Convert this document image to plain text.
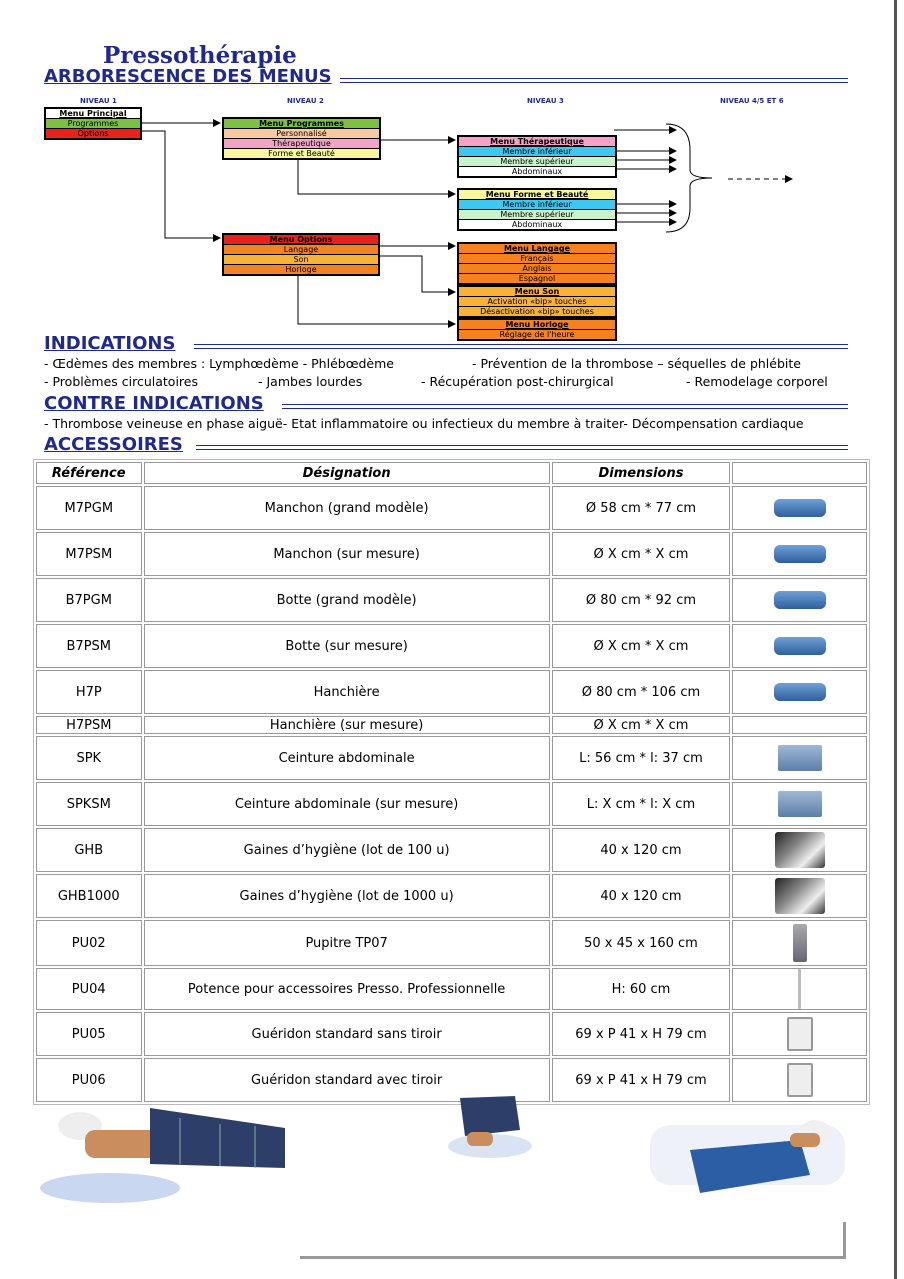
Pressothérapie
ARBORESCENCE DES MENUS
NIVEAU 1	NIVEAU 2	NIVEAU 3	NIVEAU 4/5 ET 6
Menu Principal
Programmes
Options
Menu Programmes
Personnalisé
Thérapeutique
Forme et Beauté
Menu Options
Langage
Son
Horloge
Menu Thérapeutique
Membre inférieur
Membre supérieur
Abdominaux
Menu Forme et Beauté
Membre inférieur
Membre supérieur
Abdominaux
Menu Langage
Français
Anglais
Espagnol
Menu Son
Activation «bip» touches
Désactivation «bip» touches
Menu Horloge
Réglage de l'heure
INDICATIONS
- Œdèmes des membres : Lymphœdème - Phlébœdème	- Prévention de la thrombose – séquelles de phlébite
- Problèmes circulatoires	- Jambes lourdes	- Récupération post-chirurgical	- Remodelage corporel
CONTRE INDICATIONS
- Thrombose veineuse en phase aiguë- Etat inflammatoire ou infectieux du membre à traiter- Décompensation cardiaque
ACCESSOIRES
Référence	Désignation	Dimensions	
M7PGM	Manchon (grand modèle)	Ø 58 cm * 77 cm	
M7PSM	Manchon (sur mesure)	Ø X cm * X cm	
B7PGM	Botte (grand modèle)	Ø 80 cm * 92 cm	
B7PSM	Botte (sur mesure)	Ø X cm * X cm	
H7P	Hanchière	Ø 80 cm * 106 cm	
H7PSM	Hanchière (sur mesure)	Ø X cm * X cm	
SPK	Ceinture abdominale	L: 56 cm * l: 37 cm	
SPKSM	Ceinture abdominale (sur mesure)	L: X cm * l: X cm	
GHB	Gaines d’hygiène (lot de 100 u)	40 x 120 cm	
GHB1000	Gaines d’hygiène (lot de 1000 u)	40 x 120 cm	
PU02	Pupitre TP07	50 x 45 x 160 cm	
PU04	Potence pour accessoires Presso. Professionnelle	H: 60 cm	
PU05	Guéridon standard sans tiroir	69 x P 41 x H 79 cm	
PU06	Guéridon standard avec tiroir	69 x P 41 x H 79 cm	
